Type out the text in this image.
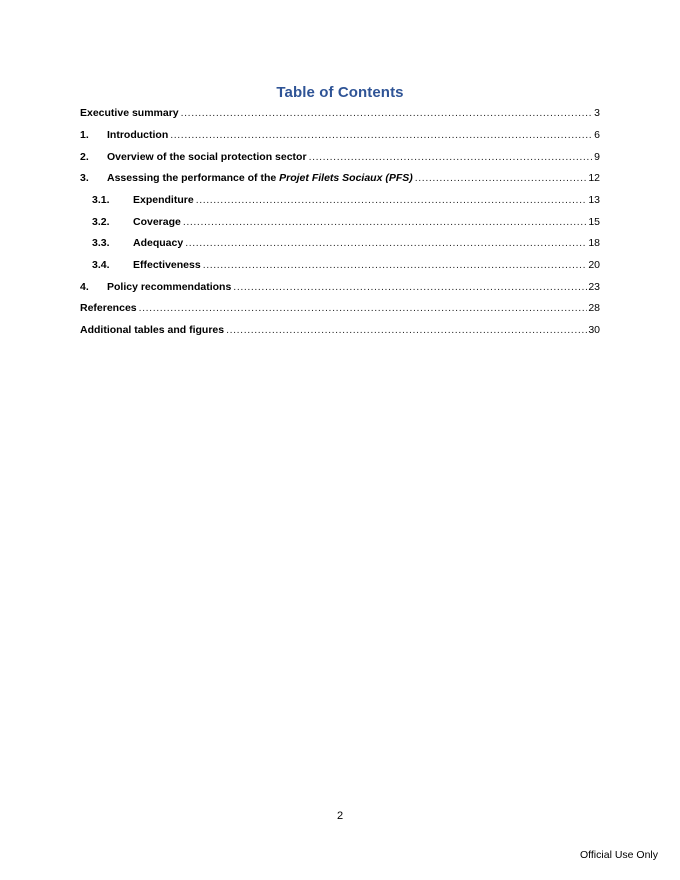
Table of Contents
Executive summary .....	3
1.	Introduction .....	6
2.	Overview of the social protection sector .....	9
3.	Assessing the performance of the Projet Filets Sociaux (PFS) .....	12
3.1.	Expenditure .....	13
3.2.	Coverage .....	15
3.3.	Adequacy .....	18
3.4.	Effectiveness .....	20
4.	Policy recommendations .....	23
References .....	28
Additional tables and figures .....	30
2
Official Use Only
